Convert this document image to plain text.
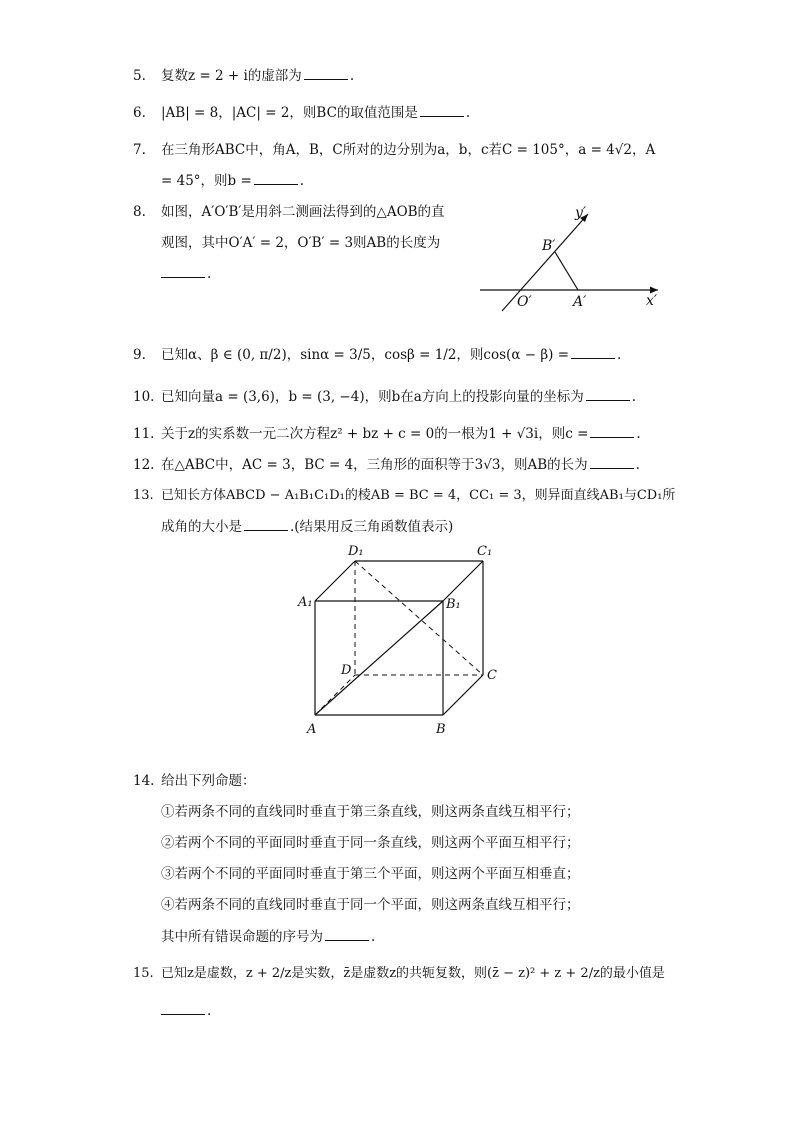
5. 复数z = 2 + i的虚部为	.
6. |AB| = 8，|AC| = 2，则BC的取值范围是	.
7. 在三角形ABC中，角A，B，C所对的边分别为a，b，c若C = 105°，a = 4√2，A
= 45°，则b =	.
8. 如图，A′O′B′是用斜二测画法得到的△AOB的直
观图，其中O′A′ = 2，O′B′ = 3则AB的长度为
.
y′
B′
O′	A′	x′
9. 已知α、β ∈ (0, π/2)，sinα = 3/5，cosβ = 1/2，则cos(α − β) =	.
10. 已知向量a = (3,6)，b = (3, −4)，则b在a方向上的投影向量的坐标为	.
11. 关于z的实系数一元二次方程z² + bz + c = 0的一根为1 + √3i，则c =	.
12. 在△ABC中，AC = 3，BC = 4，三角形的面积等于3√3，则AB的长为	.
13. 已知长方体ABCD − A₁B₁C₁D₁的棱AB = BC = 4，CC₁ = 3，则异面直线AB₁与CD₁所
成角的大小是	.(结果用反三角函数值表示)
D₁	C₁
A₁	B₁
D	C
A	B
14. 给出下列命题：
①若两条不同的直线同时垂直于第三条直线，则这两条直线互相平行；
②若两个不同的平面同时垂直于同一条直线，则这两个平面互相平行；
③若两个不同的平面同时垂直于第三个平面，则这两个平面互相垂直；
④若两条不同的直线同时垂直于同一个平面，则这两条直线互相平行；
其中所有错误命题的序号为	.
15. 已知z是虚数，z + 2/z是实数，z̄是虚数z的共轭复数，则(z̄ − z)² + z + 2/z的最小值是
.
